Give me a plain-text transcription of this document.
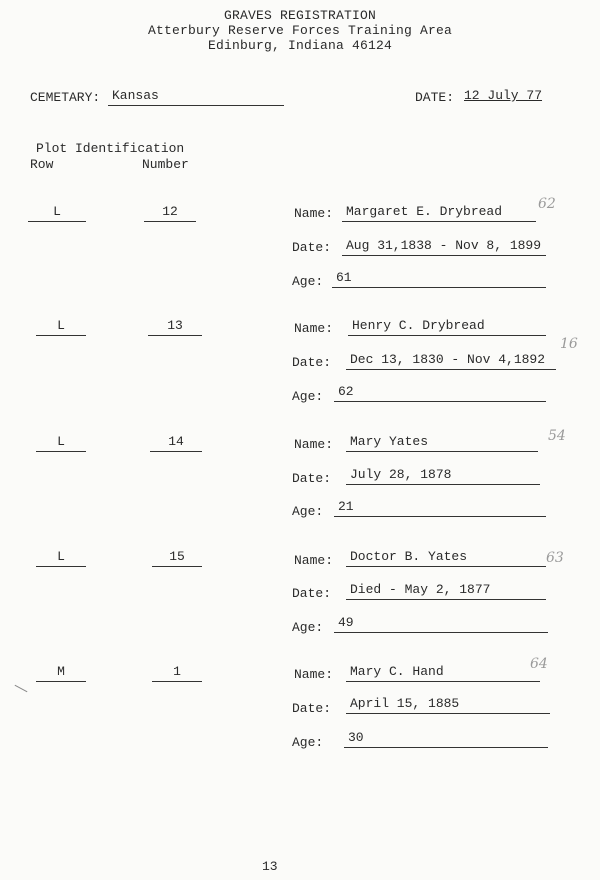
GRAVES REGISTRATION
Atterbury Reserve Forces Training Area
Edinburg, Indiana 46124
CEMETARY: Kansas	DATE: 12 July 77
Plot Identification
Row	Number
L	12	Name: Margaret E. Drybread	62
Date:	Aug 31,1838 - Nov 8, 1899
Age: 61
L	13	Name:	Henry C. Drybread
16
Date:	Dec 13, 1830 - Nov 4,1892
Age:	62
L	14	Name:	Mary Yates	54
Date:	July 28, 1878
Age:	21
L	15	Name:	Doctor B. Yates	63
Date:	Died - May 2, 1877
Age:	49
M	1	Name:	Mary C. Hand	64
Date:	April 15, 1885
Age:	30
13
